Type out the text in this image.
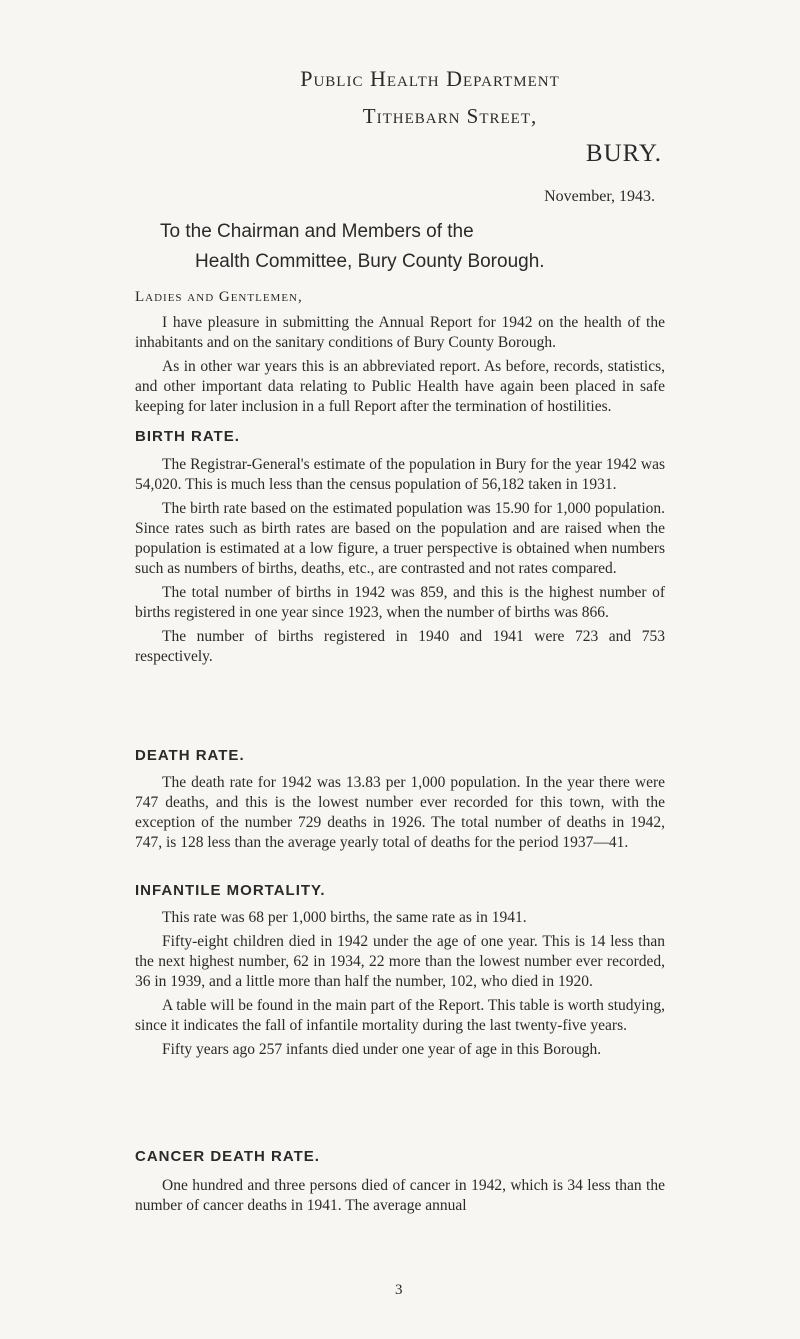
Public Health Department
Tithebarn Street,
BURY.
November, 1943.
To the Chairman and Members of the
Health Committee, Bury County Borough.
Ladies and Gentlemen,

I have pleasure in submitting the Annual Report for 1942 on the health of the inhabitants and on the sanitary conditions of Bury County Borough.

As in other war years this is an abbreviated report. As before, records, statistics, and other important data relating to Public Health have again been placed in safe keeping for later inclusion in a full Report after the termination of hostilities.

BIRTH RATE.

The Registrar-General's estimate of the population in Bury for the year 1942 was 54,020. This is much less than the census population of 56,182 taken in 1931.

The birth rate based on the estimated population was 15.90 for 1,000 population. Since rates such as birth rates are based on the population and are raised when the population is estimated at a low figure, a truer perspective is obtained when numbers such as numbers of births, deaths, etc., are contrasted and not rates compared.

The total number of births in 1942 was 859, and this is the highest number of births registered in one year since 1923, when the number of births was 866.

The number of births registered in 1940 and 1941 were 723 and 753 respectively.

DEATH RATE.

The death rate for 1942 was 13.83 per 1,000 population. In the year there were 747 deaths, and this is the lowest number ever recorded for this town, with the exception of the number 729 deaths in 1926. The total number of deaths in 1942, 747, is 128 less than the average yearly total of deaths for the period 1937—41.

INFANTILE MORTALITY.

This rate was 68 per 1,000 births, the same rate as in 1941.

Fifty-eight children died in 1942 under the age of one year. This is 14 less than the next highest number, 62 in 1934, 22 more than the lowest number ever recorded, 36 in 1939, and a little more than half the number, 102, who died in 1920.

A table will be found in the main part of the Report. This table is worth studying, since it indicates the fall of infantile mortality during the last twenty-five years.

Fifty years ago 257 infants died under one year of age in this Borough.

CANCER DEATH RATE.

One hundred and three persons died of cancer in 1942, which is 34 less than the number of cancer deaths in 1941. The average annual

3
